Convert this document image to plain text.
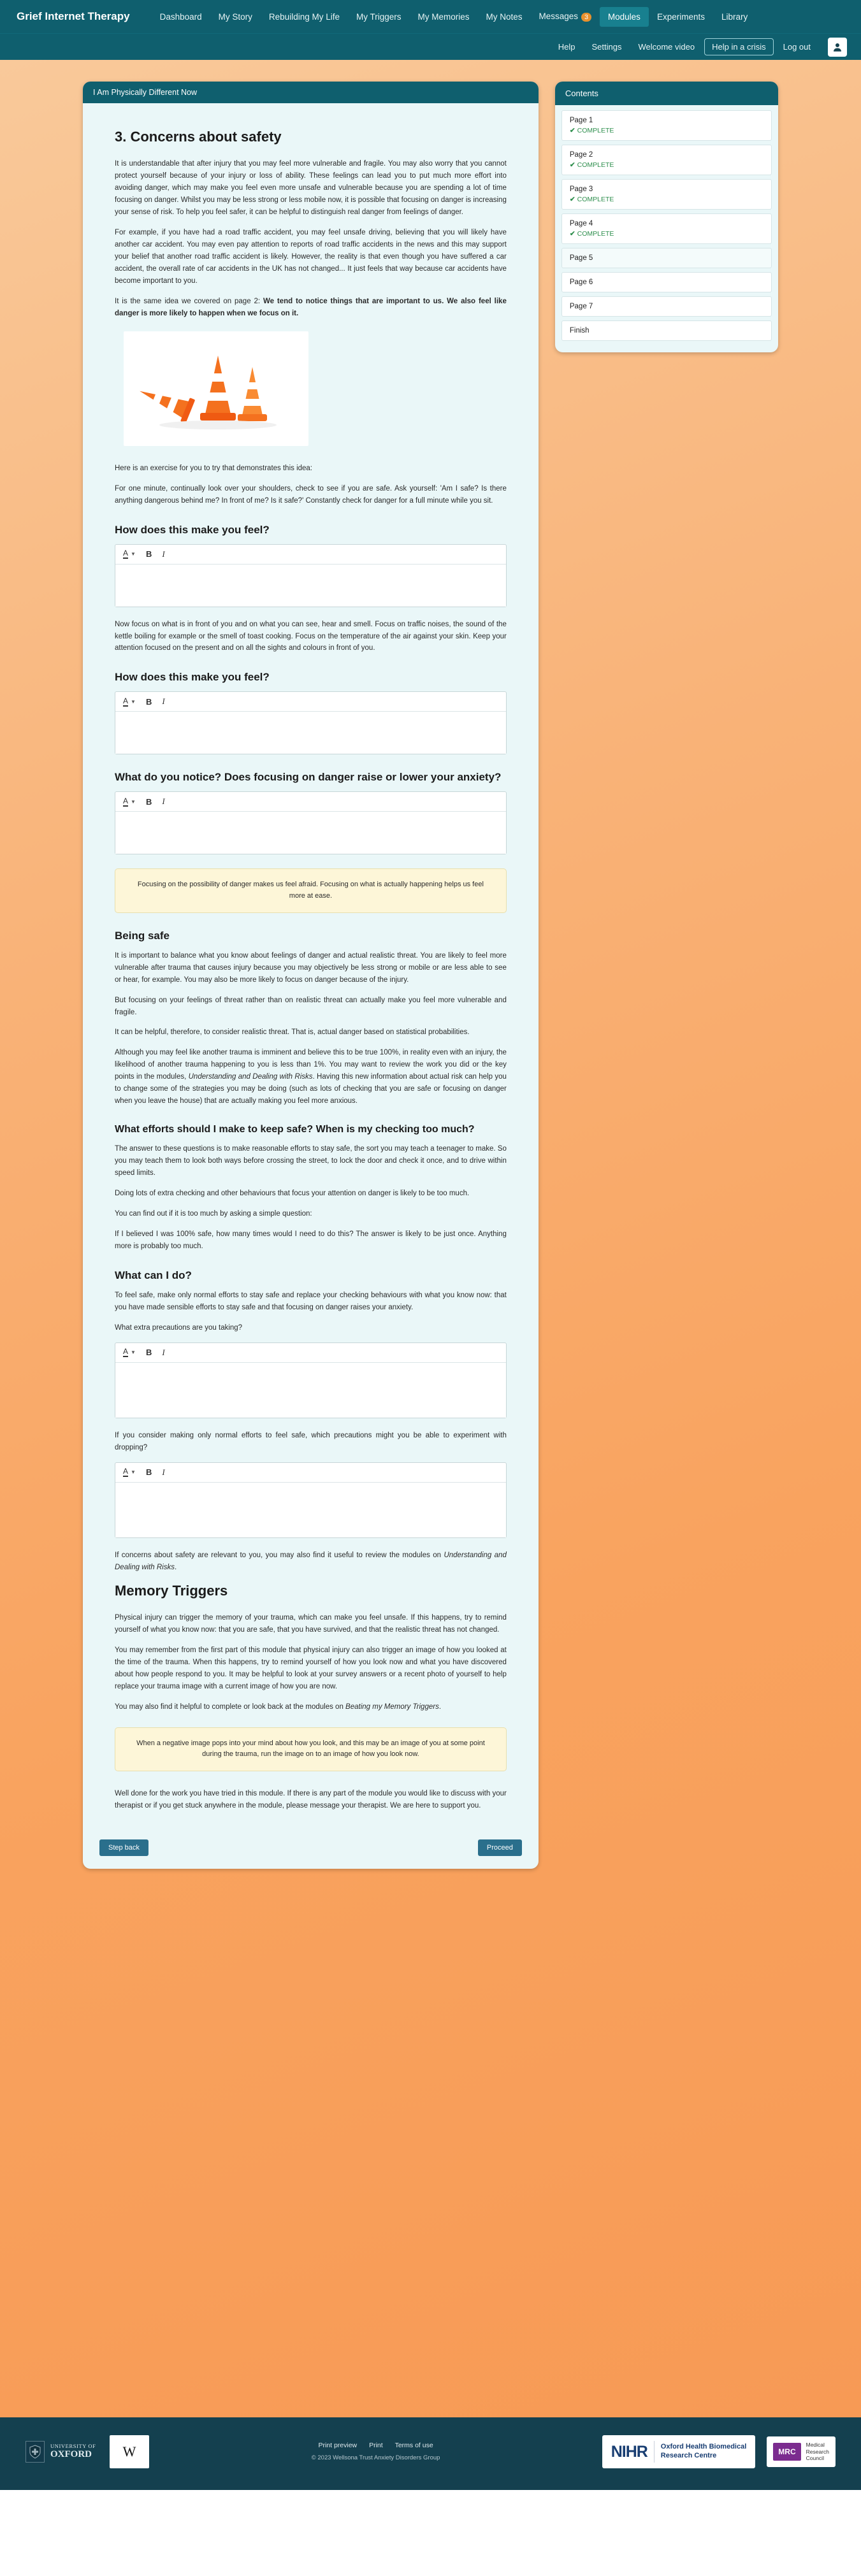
Grief Internet Therapy	Dashboard	My Story	Rebuilding My Life	My Triggers	My Memories	My Notes	Messages 3	Modules	Experiments	Library
Help	Settings	Welcome video	Help in a crisis	Log out
I Am Physically Different Now
3. Concerns about safety

It is understandable that after injury that you may feel more vulnerable and fragile. You may also worry that you cannot protect yourself because of your injury or loss of ability. These feelings can lead you to put much more effort into avoiding danger, which may make you feel even more unsafe and vulnerable because you are spending a lot of time focusing on danger. Whilst you may be less strong or less mobile now, it is possible that focusing on danger is increasing your sense of risk. To help you feel safer, it can be helpful to distinguish real danger from feelings of danger.

For example, if you have had a road traffic accident, you may feel unsafe driving, believing that you will likely have another car accident. You may even pay attention to reports of road traffic accidents in the news and this may support your belief that another road traffic accident is likely. However, the reality is that even though you have suffered a car accident, the overall rate of car accidents in the UK has not changed... It just feels that way because car accidents have become important to you.

It is the same idea we covered on page 2: We tend to notice things that are important to us. We also feel like danger is more likely to happen when we focus on it.

Here is an exercise for you to try that demonstrates this idea:

For one minute, continually look over your shoulders, check to see if you are safe. Ask yourself: 'Am I safe? Is there anything dangerous behind me? In front of me? Is it safe?' Constantly check for danger for a full minute while you sit.

How does this make you feel?
A ▼ B I

Now focus on what is in front of you and on what you can see, hear and smell. Focus on traffic noises, the sound of the kettle boiling for example or the smell of toast cooking. Focus on the temperature of the air against your skin. Keep your attention focused on the present and on all the sights and colours in front of you.

How does this make you feel?
A ▼ B I
What do you notice? Does focusing on danger raise or lower your anxiety?
A ▼ B I
Focusing on the possibility of danger makes us feel afraid. Focusing on what is actually happening helps us feel more at ease.
Being safe

It is important to balance what you know about feelings of danger and actual realistic threat. You are likely to feel more vulnerable after trauma that causes injury because you may objectively be less strong or mobile or are less able to see or hear, for example. You may also be more likely to focus on danger because of the injury.

But focusing on your feelings of threat rather than on realistic threat can actually make you feel more vulnerable and fragile.

It can be helpful, therefore, to consider realistic threat. That is, actual danger based on statistical probabilities.

Although you may feel like another trauma is imminent and believe this to be true 100%, in reality even with an injury, the likelihood of another trauma happening to you is less than 1%. You may want to review the work you did or the key points in the modules, Understanding and Dealing with Risks. Having this new information about actual risk can help you to change some of the strategies you may be doing (such as lots of checking that you are safe or focusing on danger when you leave the house) that are actually making you feel more anxious.

What efforts should I make to keep safe? When is my checking too much?

The answer to these questions is to make reasonable efforts to stay safe, the sort you may teach a teenager to make. So you may teach them to look both ways before crossing the street, to lock the door and check it once, and to drive within speed limits.

Doing lots of extra checking and other behaviours that focus your attention on danger is likely to be too much.

You can find out if it is too much by asking a simple question:

If I believed I was 100% safe, how many times would I need to do this? The answer is likely to be just once. Anything more is probably too much.

What can I do?

To feel safe, make only normal efforts to stay safe and replace your checking behaviours with what you know now: that you have made sensible efforts to stay safe and that focusing on danger raises your anxiety.

What extra precautions are you taking?

A ▼ B I

If you consider making only normal efforts to feel safe, which precautions might you be able to experiment with dropping?

A ▼ B I

If concerns about safety are relevant to you, you may also find it useful to review the modules on Understanding and Dealing with Risks.

Memory Triggers

Physical injury can trigger the memory of your trauma, which can make you feel unsafe. If this happens, try to remind yourself of what you know now: that you are safe, that you have survived, and that the realistic threat has not changed.

You may remember from the first part of this module that physical injury can also trigger an image of how you looked at the time of the trauma. When this happens, try to remind yourself of how you look now and what you have discovered about how people respond to you. It may be helpful to look at your survey answers or a recent photo of yourself to help replace your trauma image with a current image of how you are now.

You may also find it helpful to complete or look back at the modules on Beating my Memory Triggers.

When a negative image pops into your mind about how you look, and this may be an image of you at some point during the trauma, run the image on to an image of how you look now.

Well done for the work you have tried in this module. If there is any part of the module you would like to discuss with your therapist or if you get stuck anywhere in the module, please message your therapist. We are here to support you.

Step back	Proceed
Contents
Page 1
✔ COMPLETE
Page 2
✔ COMPLETE
Page 3
✔ COMPLETE
Page 4
✔ COMPLETE
Page 5
Page 6
Page 7
Finish
UNIVERSITY OF
OXFORD W	Print preview Print Terms of use
© 2023 Wellsona Trust Anxiety Disorders Group	NIHR Oxford Health Biomedical
Research Centre	MRC
Medical
Research
Council
